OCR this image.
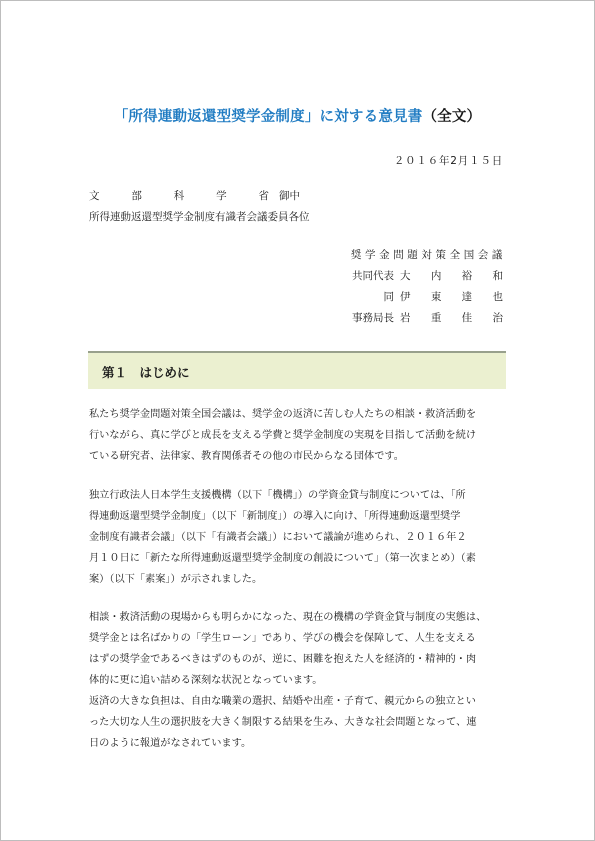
「所得連動返還型奨学金制度」に対する意見書（全文）
２０１６年2月１５日
文	部	科	学	省 御中
所得連動返還型奨学金制度有識者会議委員各位
奨学金問題対策全国会議
共同代表 大 内 裕 和
同 伊 東 達 也
事務局長 岩 重 佳 治
第１　はじめに
私たち奨学金問題対策全国会議は、奨学金の返済に苦しむ人たちの相談・救済活動を
行いながら、真に学びと成長を支える学費と奨学金制度の実現を目指して活動を続け
ている研究者、法律家、教育関係者その他の市民からなる団体です。
独立行政法人日本学生支援機構（以下「機構」）の学資金貸与制度については、「所
得連動返還型奨学金制度」（以下「新制度」）の導入に向け、「所得連動返還型奨学
金制度有識者会議」（以下「有識者会議」）において議論が進められ、２０１６年２
月１０日に「新たな所得連動返還型奨学金制度の創設について」（第一次まとめ）（素
案）（以下「素案」）が示されました。
相談・救済活動の現場からも明らかになった、現在の機構の学資金貸与制度の実態は、
奨学金とは名ばかりの「学生ローン」であり、学びの機会を保障して、人生を支える
はずの奨学金であるべきはずのものが、逆に、困難を抱えた人を経済的・精神的・肉
体的に更に追い詰める深刻な状況となっています。
返済の大きな負担は、自由な職業の選択、結婚や出産・子育て、親元からの独立とい
った大切な人生の選択肢を大きく制限する結果を生み、大きな社会問題となって、連
日のように報道がなされています。
